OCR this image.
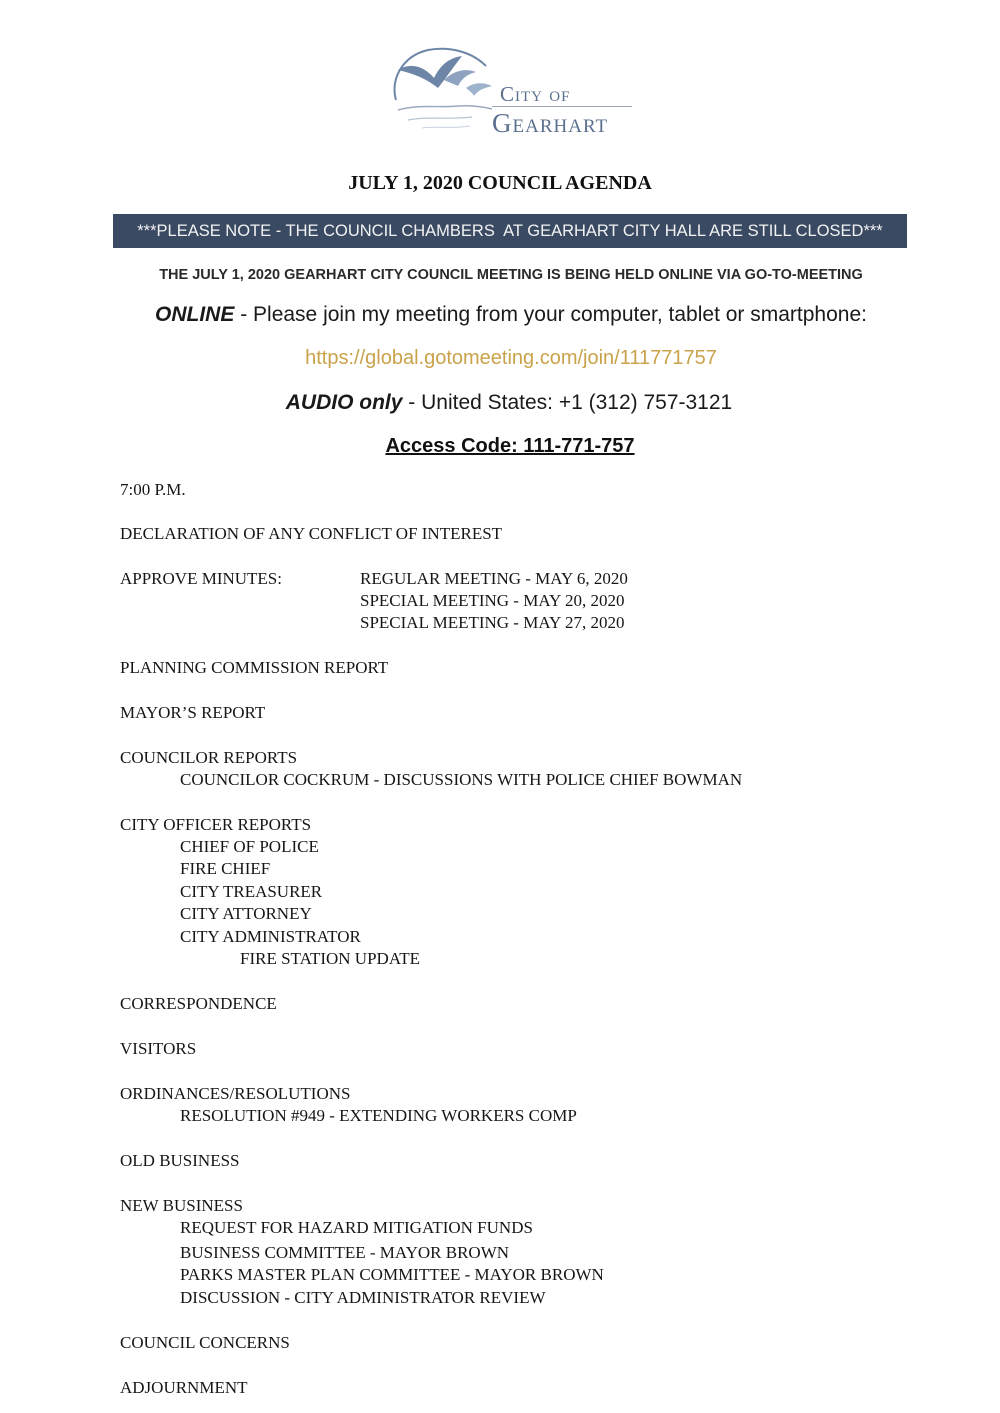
City of
Gearhart
JULY 1, 2020 COUNCIL AGENDA
***PLEASE NOTE - THE COUNCIL CHAMBERS  AT GEARHART CITY HALL ARE STILL CLOSED***
THE JULY 1, 2020 GEARHART CITY COUNCIL MEETING IS BEING HELD ONLINE VIA GO-TO-MEETING
ONLINE - Please join my meeting from your computer, tablet or smartphone:
https://global.gotomeeting.com/join/111771757
AUDIO only - United States: +1 (312) 757-3121
Access Code: 111-771-757
7:00 P.M.
DECLARATION OF ANY CONFLICT OF INTEREST
APPROVE MINUTES:	REGULAR MEETING - MAY 6, 2020
SPECIAL MEETING - MAY 20, 2020
SPECIAL MEETING - MAY 27, 2020
PLANNING COMMISSION REPORT
MAYOR’S REPORT
COUNCILOR REPORTS
COUNCILOR COCKRUM - DISCUSSIONS WITH POLICE CHIEF BOWMAN
CITY OFFICER REPORTS
CHIEF OF POLICE
FIRE CHIEF
CITY TREASURER
CITY ATTORNEY
CITY ADMINISTRATOR
FIRE STATION UPDATE
CORRESPONDENCE
VISITORS
ORDINANCES/RESOLUTIONS
RESOLUTION #949 - EXTENDING WORKERS COMP
OLD BUSINESS
NEW BUSINESS
REQUEST FOR HAZARD MITIGATION FUNDS
BUSINESS COMMITTEE - MAYOR BROWN
PARKS MASTER PLAN COMMITTEE - MAYOR BROWN
DISCUSSION - CITY ADMINISTRATOR REVIEW
COUNCIL CONCERNS
ADJOURNMENT
